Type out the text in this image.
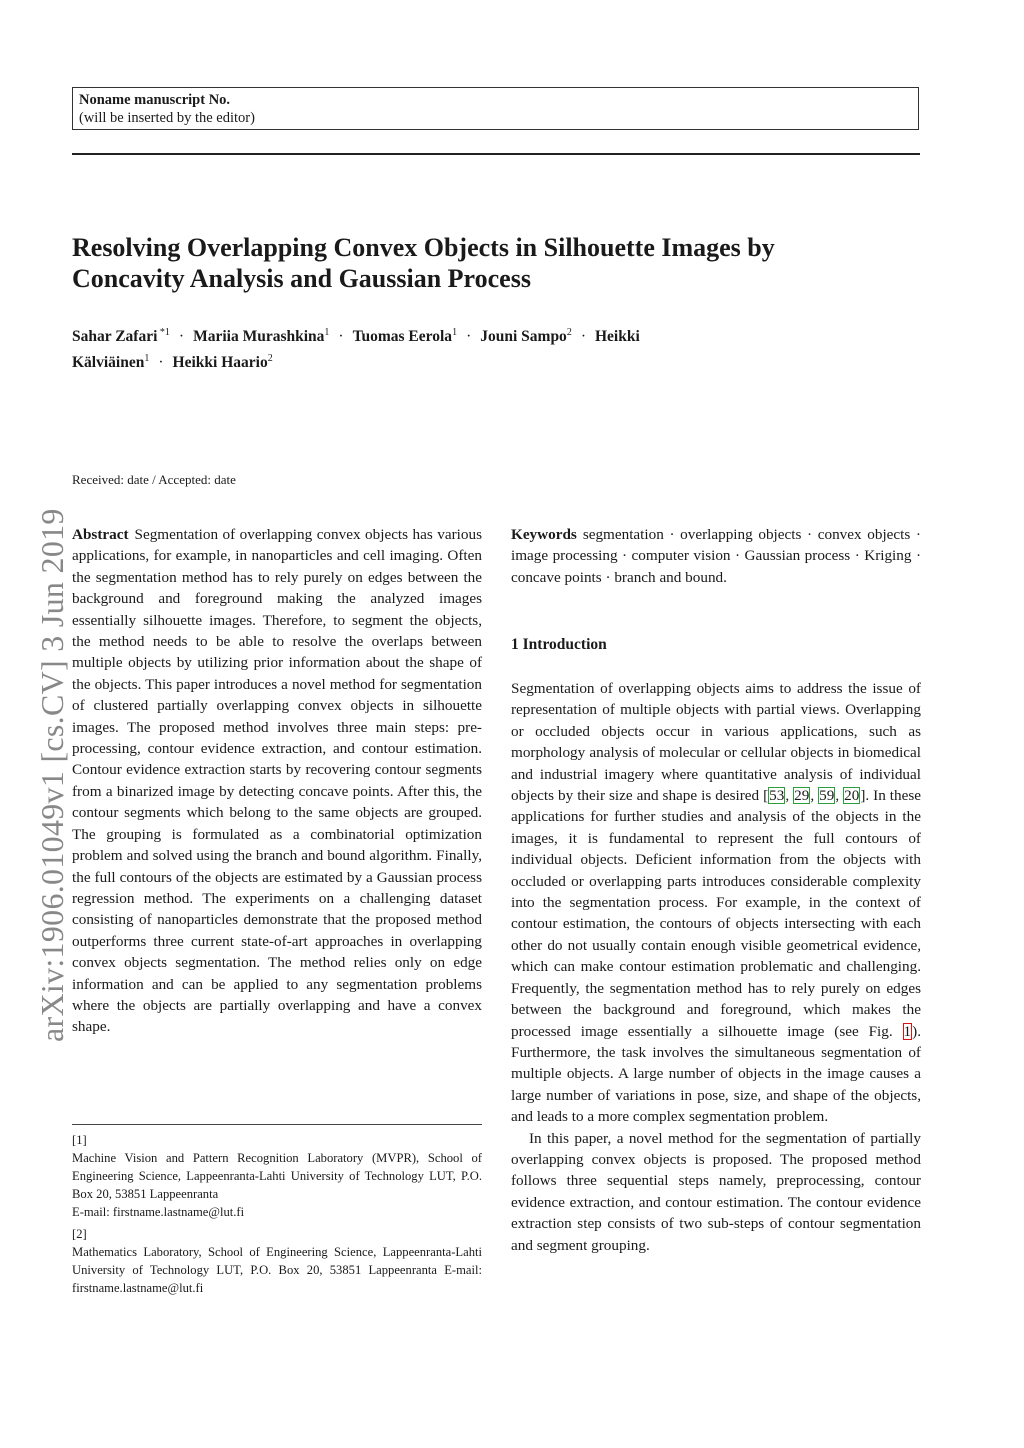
Noname manuscript No.
(will be inserted by the editor)
Resolving Overlapping Convex Objects in Silhouette Images by
Concavity Analysis and Gaussian Process
Sahar Zafari $^{*1}$ · Mariia Murashkina$^1$ · Tuomas Eerola$^1$ · Jouni Sampo$^2$ · Heikki
Kälviäinen$^1$ · Heikki Haario$^2$
Received: date / Accepted: date
arXiv:1906.01049v1 [cs.CV] 3 Jun 2019 Abstract Segmentation of overlapping convex objects has various applications, for example, in nanoparticles and cell imaging. Often the segmentation method has to rely purely on edges between the background and foreground making the analyzed images essentially silhouette images. Therefore, to segment the objects, the method needs to be able to resolve the overlaps between multiple objects by utilizing prior information about the shape of the objects. This paper introduces a novel method for segmentation of clustered partially overlapping convex objects in silhouette images. The proposed method involves three main steps: pre-processing, contour evidence extraction, and contour estimation. Contour evidence extraction starts by recovering contour segments from a binarized image by detecting concave points. After this, the contour segments which belong to the same objects are grouped. The grouping is formulated as a combinatorial optimization problem and solved using the branch and bound algorithm. Finally, the full contours of the objects are estimated by a Gaussian process regression method. The experiments on a challenging dataset consisting of nanoparticles demonstrate that the proposed method outperforms three current state-of-art approaches in overlapping convex objects segmentation. The method relies only on edge information and can be applied to any segmentation problems where the objects are partially overlapping and have a convex shape.
Keywords segmentation · overlapping objects · convex objects · image processing · computer vision · Gaussian process · Kriging · concave points · branch and bound.
1 Introduction

Segmentation of overlapping objects aims to address the issue of representation of multiple objects with partial views. Overlapping or occluded objects occur in various applications, such as morphology analysis of molecular or cellular objects in biomedical and industrial imagery where quantitative analysis of individual objects by their size and shape is desired [53, 29, 59, 20]. In these applications for further studies and analysis of the objects in the images, it is fundamental to represent the full contours of individual objects. Deficient information from the objects with occluded or overlapping parts introduces considerable complexity into the segmentation process. For example, in the context of contour estimation, the contours of objects intersecting with each other do not usually contain enough visible geometrical evidence, which can make contour estimation problematic and challenging. Frequently, the segmentation method has to rely purely on edges between the background and foreground, which makes the processed image essentially a silhouette image (see Fig. 1). Furthermore, the task involves the simultaneous segmentation of multiple objects. A large number of objects in the image causes a large number of variations in pose, size, and shape of the objects, and leads to a more complex segmentation problem.

In this paper, a novel method for the segmentation of partially overlapping convex objects is proposed. The proposed method follows three sequential steps namely, preprocessing, contour evidence extraction, and contour estimation. The contour evidence extraction step consists of two sub-steps of contour segmentation and segment grouping.

[1]
Machine Vision and Pattern Recognition Laboratory (MVPR), School of Engineering Science, Lappeenranta-Lahti University of Technology LUT, P.O. Box 20, 53851 Lappeenranta
E-mail: firstname.lastname@lut.fi
[2]
Mathematics Laboratory, School of Engineering Science, Lappeenranta-Lahti University of Technology LUT, P.O. Box 20, 53851 Lappeenranta E-mail: firstname.lastname@lut.fi
